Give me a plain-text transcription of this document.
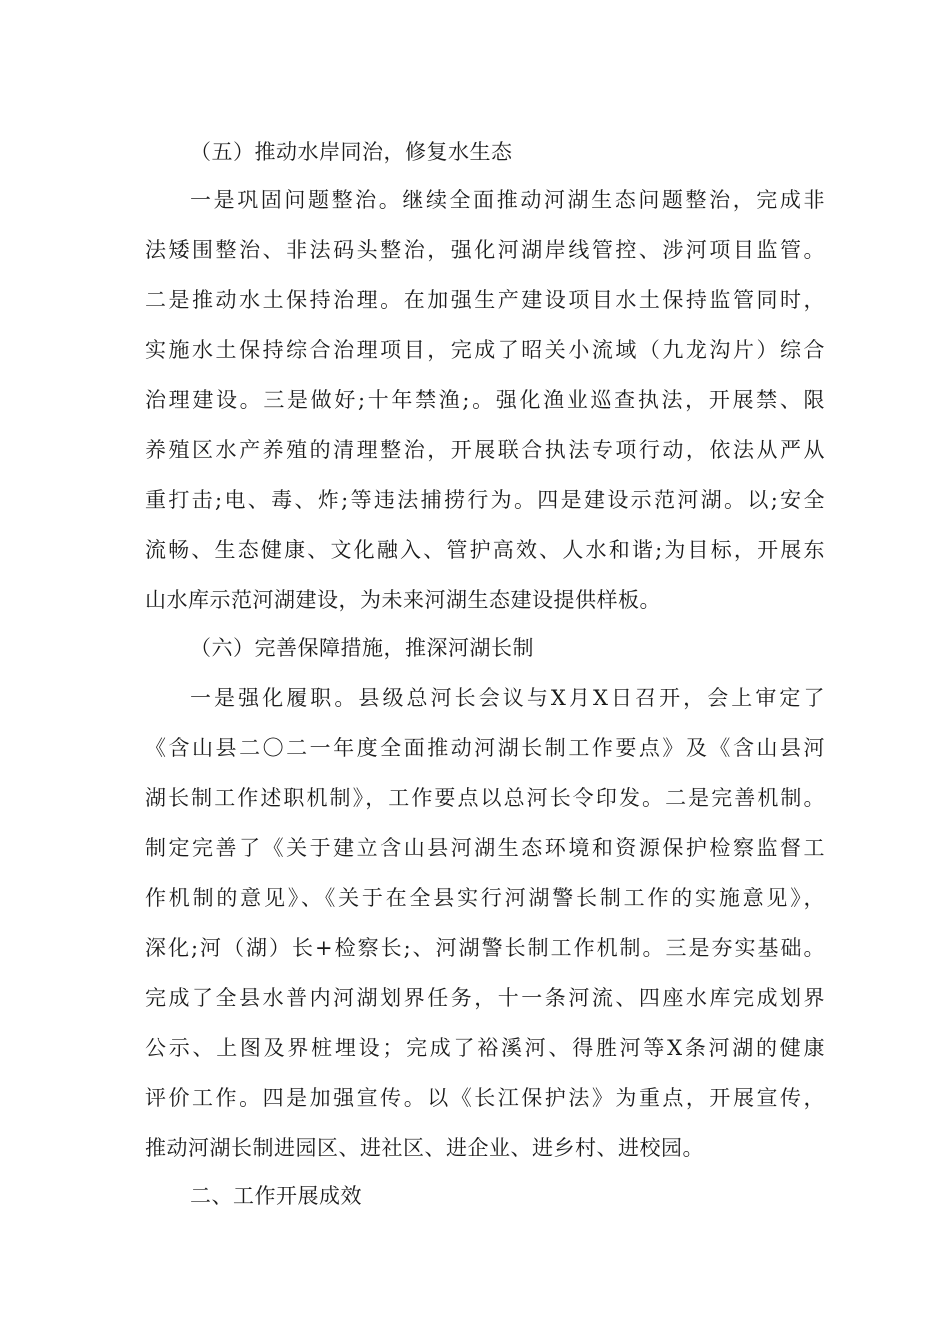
（五）推动水岸同治，修复水生态
一是巩固问题整治。继续全面推动河湖生态问题整治，完成非
法矮围整治、非法码头整治，强化河湖岸线管控、涉河项目监管。
二是推动水土保持治理。在加强生产建设项目水土保持监管同时，
实施水土保持综合治理项目，完成了昭关小流域（九龙沟片）综合
治理建设。三是做好;十年禁渔;。强化渔业巡查执法，开展禁、限
养殖区水产养殖的清理整治，开展联合执法专项行动，依法从严从
重打击;电、毒、炸;等违法捕捞行为。四是建设示范河湖。以;安全
流畅、生态健康、文化融入、管护高效、人水和谐;为目标，开展东
山水库示范河湖建设，为未来河湖生态建设提供样板。
（六）完善保障措施，推深河湖长制
一是强化履职。县级总河长会议与X月X日召开，会上审定了
《含山县二〇二一年度全面推动河湖长制工作要点》及《含山县河
湖长制工作述职机制》，工作要点以总河长令印发。二是完善机制。
制定完善了《关于建立含山县河湖生态环境和资源保护检察监督工
作机制的意见》、《关于在全县实行河湖警长制工作的实施意见》，
深化;河（湖）长+检察长;、河湖警长制工作机制。三是夯实基础。
完成了全县水普内河湖划界任务，十一条河流、四座水库完成划界
公示、上图及界桩埋设；完成了裕溪河、得胜河等X条河湖的健康
评价工作。四是加强宣传。以《长江保护法》为重点，开展宣传，
推动河湖长制进园区、进社区、进企业、进乡村、进校园。
二、工作开展成效
